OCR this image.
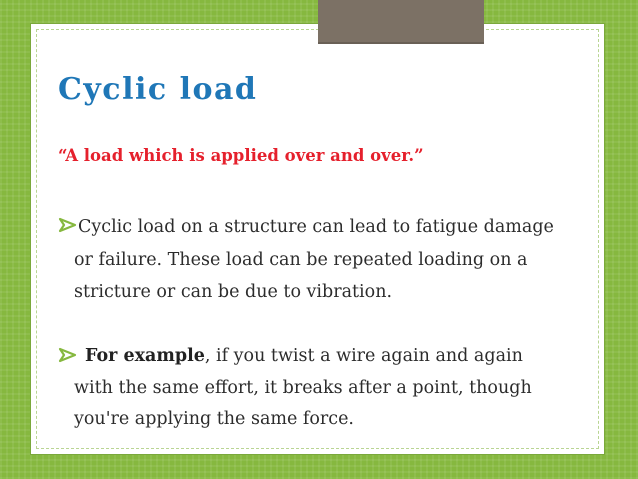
Cyclic load

“A load which is applied over and over.”

Cyclic load on a structure can lead to fatigue damage
or failure. These load can be repeated loading on a
stricture or can be due to vibration.
For example, if you twist a wire again and again
with the same effort, it breaks after a point, though
you're applying the same force.
